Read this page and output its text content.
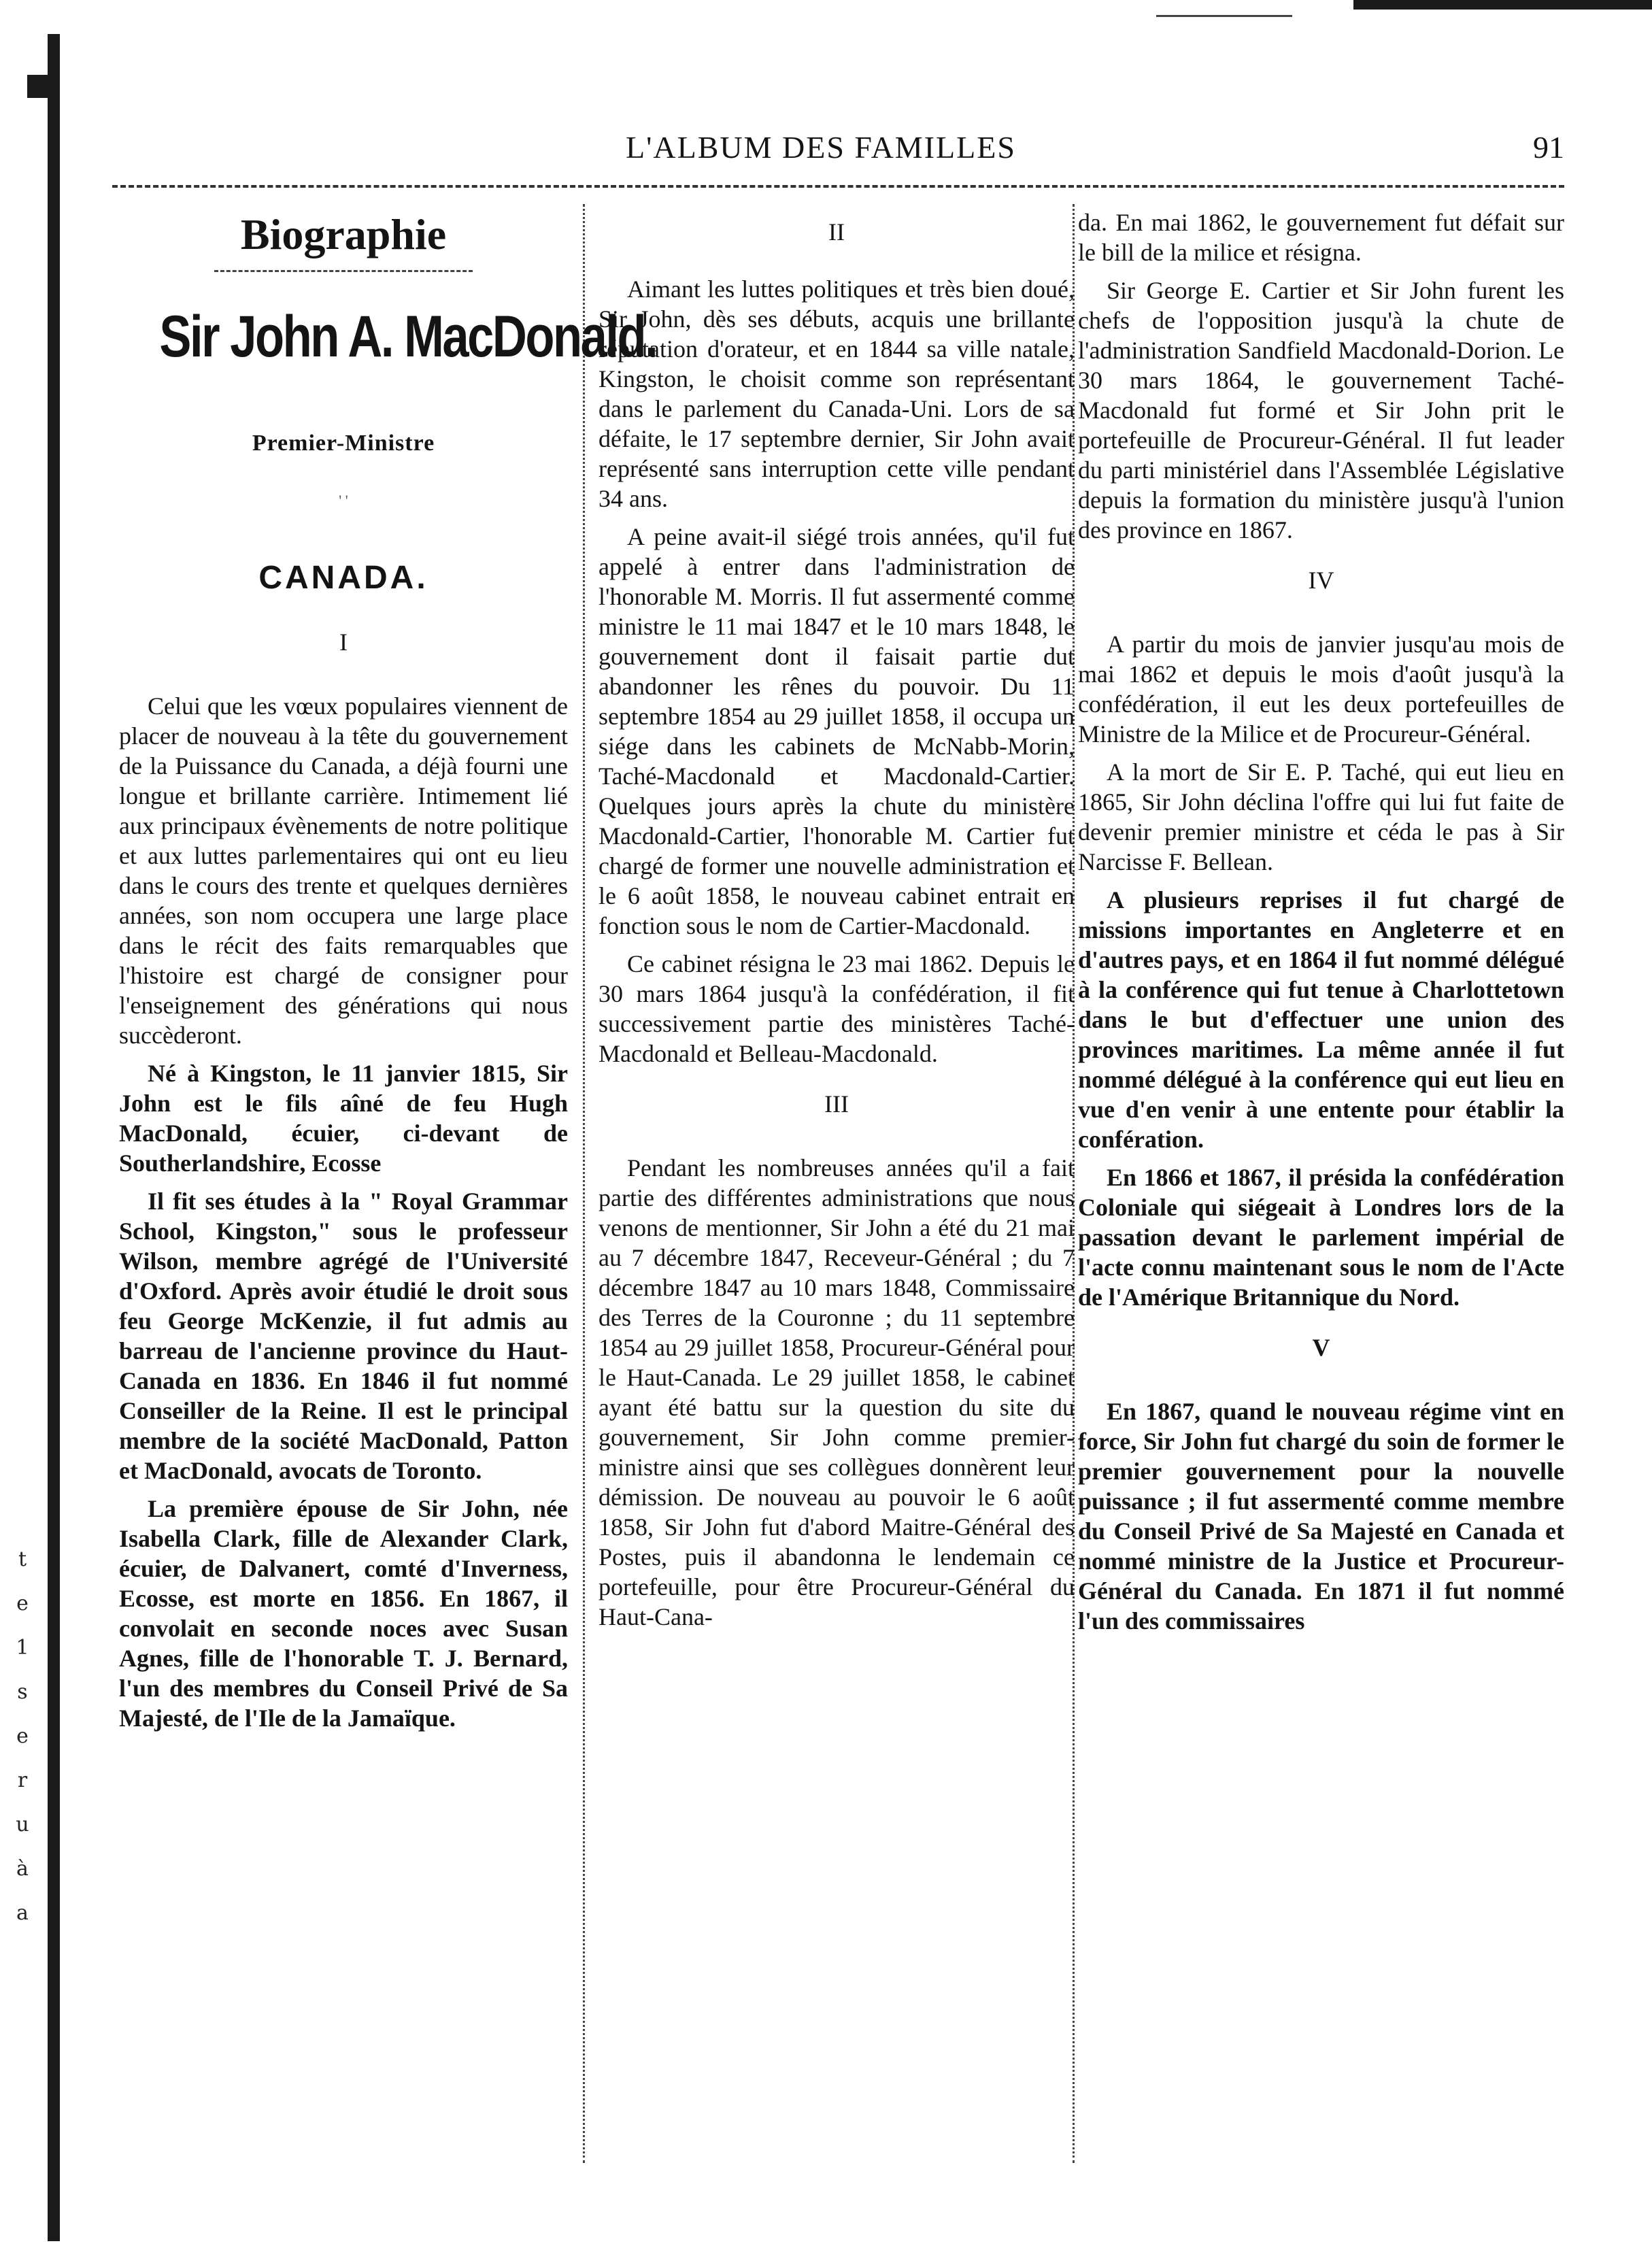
t
e
1
s
e
r
u
à
a
L'ALBUM DES FAMILLES	91
Biographie
Sir John A. MacDonald.
Premier-Ministre
' '
CANADA.
I

Celui que les vœux populaires viennent de placer de nouveau à la tête du gouvernement de la Puissance du Canada, a déjà fourni une longue et brillante carrière. Intimement lié aux principaux évènements de notre politique et aux luttes parlementaires qui ont eu lieu dans le cours des trente et quelques dernières années, son nom occupera une large place dans le récit des faits remarquables que l'histoire est chargé de consigner pour l'enseignement des générations qui nous succèderont.

Né à Kingston, le 11 janvier 1815, Sir John est le fils aîné de feu Hugh MacDonald, écuier, ci-devant de Southerlandshire, Ecosse

Il fit ses études à la " Royal Grammar School, Kingston," sous le professeur Wilson, membre agrégé de l'Université d'Oxford. Après avoir étudié le droit sous feu George McKenzie, il fut admis au barreau de l'ancienne province du Haut-Canada en 1836. En 1846 il fut nommé Conseiller de la Reine. Il est le principal membre de la société MacDonald, Patton et MacDonald, avocats de Toronto.

La première épouse de Sir John, née Isabella Clark, fille de Alexander Clark, écuier, de Dalvanert, comté d'Inverness, Ecosse, est morte en 1856. En 1867, il convolait en seconde noces avec Susan Agnes, fille de l'honorable T. J. Bernard, l'un des membres du Conseil Privé de Sa Majesté, de l'Ile de la Jamaïque.

II

Aimant les luttes politiques et très bien doué, Sir John, dès ses débuts, acquis une brillante réputation d'orateur, et en 1844 sa ville natale, Kingston, le choisit comme son représentant dans le parlement du Canada-Uni. Lors de sa défaite, le 17 septembre dernier, Sir John avait représenté sans interruption cette ville pendant 34 ans.

A peine avait-il siégé trois années, qu'il fut appelé à entrer dans l'administration de l'honorable M. Morris. Il fut assermenté comme ministre le 11 mai 1847 et le 10 mars 1848, le gouvernement dont il faisait partie dut abandonner les rênes du pouvoir. Du 11 septembre 1854 au 29 juillet 1858, il occupa un siége dans les cabinets de McNabb-Morin, Taché-Macdonald et Macdonald-Cartier. Quelques jours après la chute du ministère Macdonald-Cartier, l'honorable M. Cartier fut chargé de former une nouvelle administration et le 6 août 1858, le nouveau cabinet entrait en fonction sous le nom de Cartier-Macdonald.

Ce cabinet résigna le 23 mai 1862. Depuis le 30 mars 1864 jusqu'à la confédération, il fit successivement partie des ministères Taché-Macdonald et Belleau-Macdonald.

III

Pendant les nombreuses années qu'il a fait partie des différentes administrations que nous venons de mentionner, Sir John a été du 21 mai au 7 décembre 1847, Receveur-Général ; du 7 décembre 1847 au 10 mars 1848, Commissaire des Terres de la Couronne ; du 11 septembre 1854 au 29 juillet 1858, Procureur-Général pour le Haut-Canada. Le 29 juillet 1858, le cabinet ayant été battu sur la question du site du gouvernement, Sir John comme premier-ministre ainsi que ses collègues donnèrent leur démission. De nouveau au pouvoir le 6 août 1858, Sir John fut d'abord Maitre-Général des Postes, puis il abandonna le lendemain ce portefeuille, pour être Procureur-Général du Haut-Cana-

da. En mai 1862, le gouvernement fut défait sur le bill de la milice et résigna.

Sir George E. Cartier et Sir John furent les chefs de l'opposition jusqu'à la chute de l'administration Sandfield Macdonald-Dorion. Le 30 mars 1864, le gouvernement Taché-Macdonald fut formé et Sir John prit le portefeuille de Procureur-Général. Il fut leader du parti ministériel dans l'Assemblée Législative depuis la formation du ministère jusqu'à l'union des province en 1867.

IV

A partir du mois de janvier jusqu'au mois de mai 1862 et depuis le mois d'août jusqu'à la confédération, il eut les deux portefeuilles de Ministre de la Milice et de Procureur-Général.

A la mort de Sir E. P. Taché, qui eut lieu en 1865, Sir John déclina l'offre qui lui fut faite de devenir premier ministre et céda le pas à Sir Narcisse F. Bellean.

A plusieurs reprises il fut chargé de missions importantes en Angleterre et en d'autres pays, et en 1864 il fut nommé délégué à la conférence qui fut tenue à Charlottetown dans le but d'effectuer une union des provinces maritimes. La même année il fut nommé délégué à la conférence qui eut lieu en vue d'en venir à une entente pour établir la confération.

En 1866 et 1867, il présida la confédération Coloniale qui siégeait à Londres lors de la passation devant le parlement impérial de l'acte connu maintenant sous le nom de l'Acte de l'Amérique Britannique du Nord.

V

En 1867, quand le nouveau régime vint en force, Sir John fut chargé du soin de former le premier gouvernement pour la nouvelle puissance ; il fut assermenté comme membre du Conseil Privé de Sa Majesté en Canada et nommé ministre de la Justice et Procureur-Général du Canada. En 1871 il fut nommé l'un des commissaires
